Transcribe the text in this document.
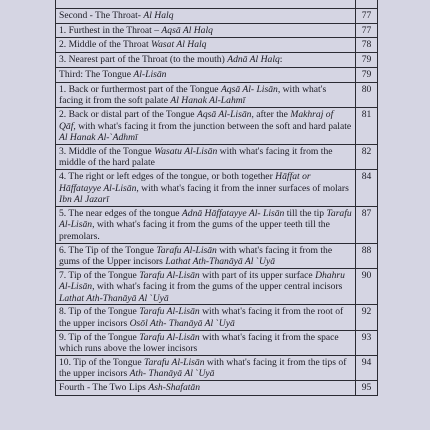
Second - The Throat- Al Halq	77
1. Furthest in the Throat – Aqsā Al Halq	77
2. Middle of the Throat Wasat Al Halq	78
3. Nearest part of the Throat (to the mouth) Adnā Al Halq:	79
Third: The Tongue Al-Lisān	79
1. Back or furthermost part of the Tongue Aqsā Al- Lisān, with what's facing it from the soft palate Al Hanak Al-Lahmī	80
2. Back or distal part of the Tongue Aqsā Al-Lisān, after the Makhraj of Qāf, with what's facing it from the junction between the soft and hard palate Al Hanak Al-ˋAdhmī	81
3. Middle of the Tongue Wasatu Al-Lisān with what's facing it from the middle of the hard palate	82
4. The right or left edges of the tongue, or both together Hāffat or Hāffatayye Al-Lisān, with what's facing it from the inner surfaces of molars Ibn Al Jazarī	84
5. The near edges of the tongue Adnā Hāffatayye Al- Lisān till the tip Tarafu Al-Lisān, with what's facing it from the gums of the upper teeth till the premolars.	87
6. The Tip of the Tongue Tarafu Al-Lisān with what's facing it from the gums of the Upper incisors Lathat Ath-Thanāyā Al ˋUyā	88
7. Tip of the Tongue Tarafu Al-Lisān with part of its upper surface Dhahru Al-Lisān, with what's facing it from the gums of the upper central incisors Lathat Ath-Thanāyā Al ˋUyā	90
8. Tip of the Tongue Tarafu Al-Lisān with what's facing it from the root of the upper incisors Osōl Ath- Thanāyā Al ˋUyā	92
9. Tip of the Tongue Tarafu Al-Lisān with what's facing it from the space which runs above the lower incisors	93
10. Tip of the Tongue Tarafu Al-Lisān with what's facing it from the tips of the upper incisors Ath- Thanāyā Al ˋUyā	94
Fourth - The Two Lips Ash-Shafatān	95
